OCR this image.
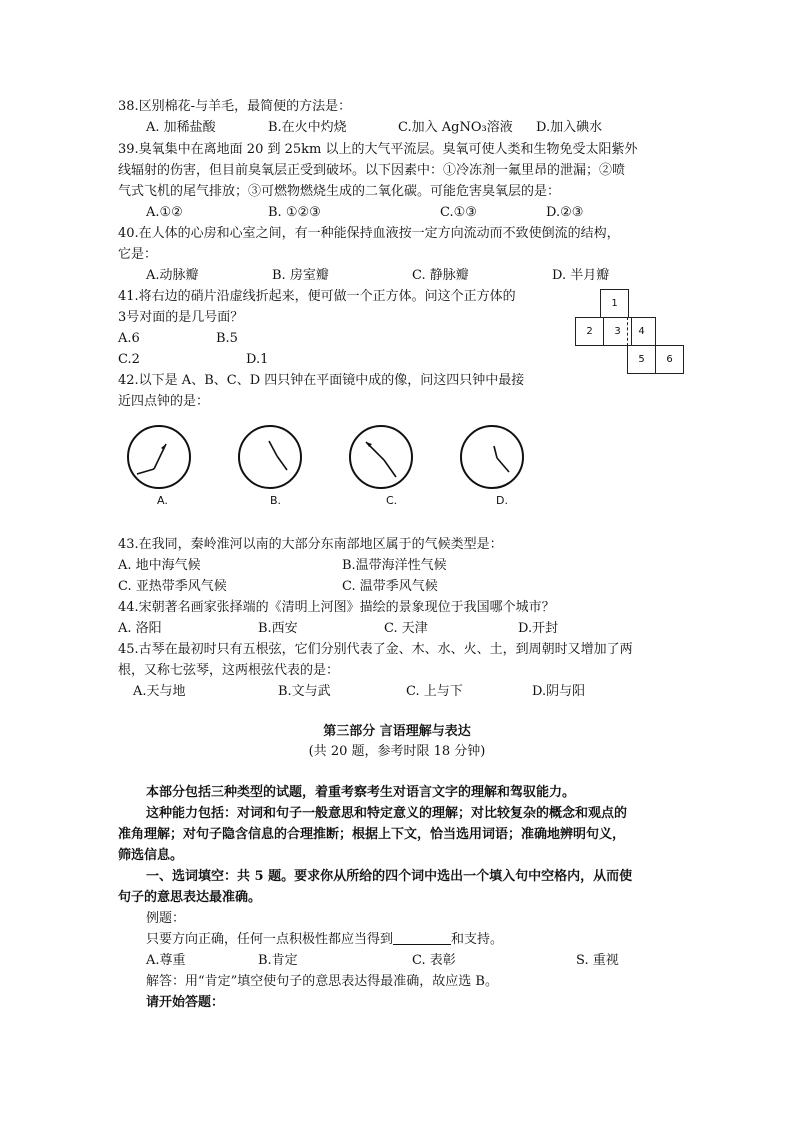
38.区别棉花-与羊毛，最简便的方法是：
A. 加稀盐酸	B.在火中灼烧	C.加入 AgNO₃溶液 D.加入碘水
39.臭氧集中在离地面 20 到 25km 以上的大气平流层。臭氧可使人类和生物免受太阳紫外
线辐射的伤害，但目前臭氧层正受到破坏。以下因素中：①冷冻剂一氟里昂的泄漏；②喷
气式飞机的尾气排放；③可燃物燃烧生成的二氧化碳。可能危害臭氧层的是：
A.①②	B. ①②③	C.①③	D.②③
40.在人体的心房和心室之间，有一种能保持血液按一定方向流动而不致使倒流的结构，
它是：
A.动脉瓣	B. 房室瓣	C. 静脉瓣	D. 半月瓣
41.将右边的硝片沿虚线折起来，便可做一个正方体。问这个正方体的
3号对面的是几号面？
A.6	B.5
C.2	D.1
1
2	3	4
5	6
42.以下是 A、B、C、D 四只钟在平面镜中成的像，问这四只钟中最接
近四点钟的是：
A.	B.	C.	D.
43.在我同，秦岭淮河以南的大部分东南部地区属于的气候类型是：
A. 地中海气候	B.温带海洋性气候
C. 亚热带季风气候	C. 温带季风气候
44.宋朝著名画家张择端的《清明上河图》描绘的景象现位于我国哪个城市？
A. 洛阳	B.西安	C. 天津	D.开封
45.古琴在最初时只有五根弦，它们分别代表了金、木、水、火、土，到周朝时又增加了两
根，又称七弦琴，这两根弦代表的是：
A.天与地	B.文与武	C. 上与下	D.阴与阳
第三部分 言语理解与表达
(共 20 题，参考时限 18 分钟)
本部分包括三种类型的试题，着重考察考生对语言文字的理解和驾驭能力。
这种能力包括：对词和句子一般意思和特定意义的理解；对比较复杂的概念和观点的
准角理解；对句子隐含信息的合理推断；根据上下文，恰当选用词语；准确地辨明句义，
筛选信息。
一、选词填空：共 5 题。要求你从所给的四个词中选出一个填入句中空格内，从而使
句子的意思表达最准确。
例题：
只要方向正确，任何一点积极性都应当得到	和支持。
A.尊重	B.肯定	C. 表彰	S. 重视
解答：用“肯定”填空使句子的意思表达得最准确，故应选 B。
请开始答题：
